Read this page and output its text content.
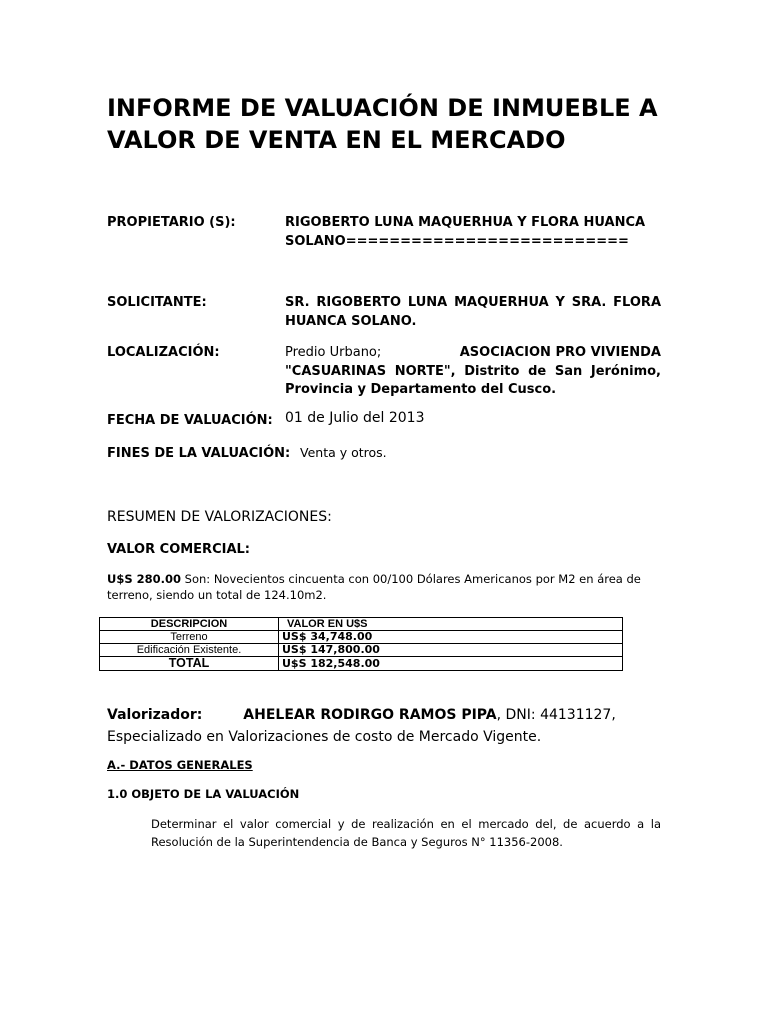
INFORME DE VALUACIÓN DE INMUEBLE A VALOR DE VENTA EN EL MERCADO
PROPIETARIO (S):	RIGOBERTO LUNA MAQUERHUA Y FLORA HUANCA
SOLANO==========================
SOLICITANTE:	SR. RIGOBERTO LUNA MAQUERHUA Y SRA. FLORA
HUANCA SOLANO.
LOCALIZACIÓN:	Predio Urbano;	ASOCIACION PRO VIVIENDA
"CASUARINAS NORTE", Distrito de San Jerónimo,
Provincia y Departamento del Cusco.
FECHA DE VALUACIÓN: 01 de Julio del 2013
FINES DE LA VALUACIÓN: Venta y otros.
RESUMEN DE VALORIZACIONES:
VALOR COMERCIAL:
U$S 280.00 Son: Novecientos cincuenta con 00/100 Dólares Americanos por M2 en área de terreno, siendo un total de 124.10m2.
DESCRIPCION	VALOR EN U$S
Terreno	US$ 34,748.00
Edificación Existente.	US$ 147,800.00
TOTAL	U$S 182,548.00
Valorizador:	AHELEAR RODIRGO RAMOS PIPA, DNI: 44131127,
Especializado en Valorizaciones de costo de Mercado Vigente.
A.- DATOS GENERALES
1.0 OBJETO DE LA VALUACIÓN
Determinar el valor comercial y de realización en el mercado del, de acuerdo a la Resolución de la Superintendencia de Banca y Seguros N° 11356-2008.
